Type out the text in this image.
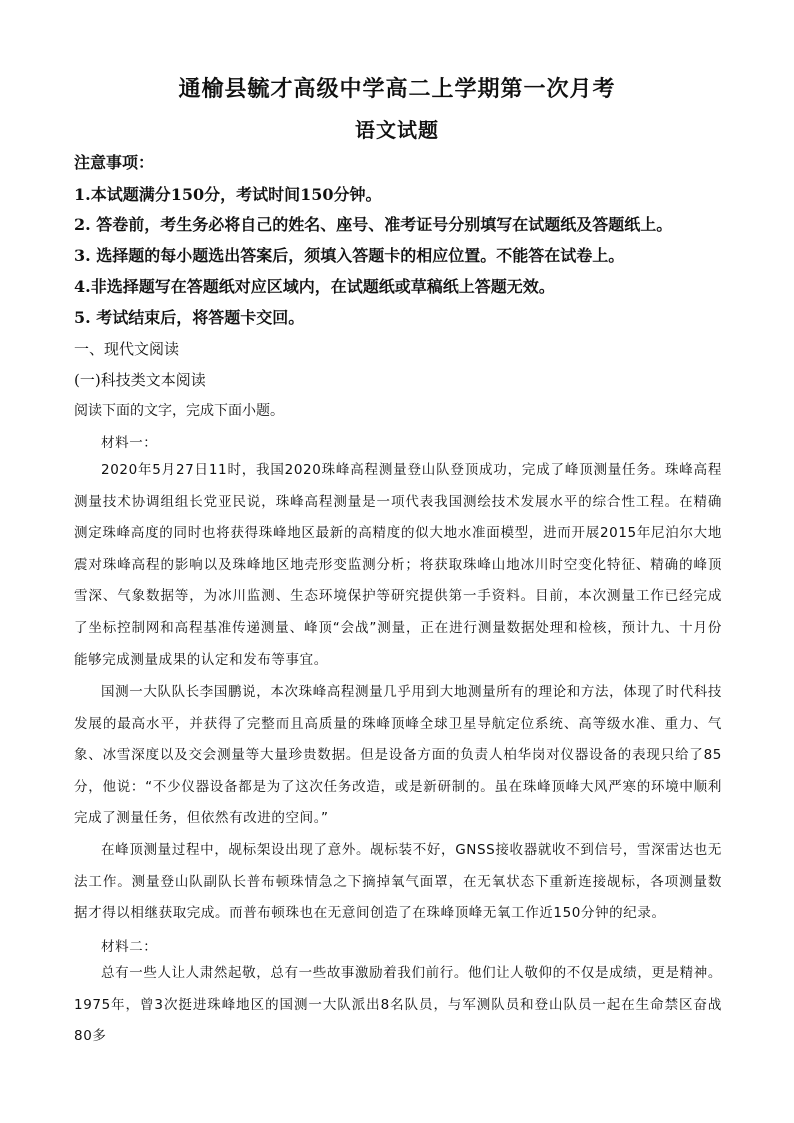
通榆县毓才高级中学高二上学期第一次月考
语文试题
注意事项：
1.本试题满分150分，考试时间150分钟。
2. 答卷前，考生务必将自己的姓名、座号、准考证号分别填写在试题纸及答题纸上。
3. 选择题的每小题选出答案后，须填入答题卡的相应位置。不能答在试卷上。
4.非选择题写在答题纸对应区域内，在试题纸或草稿纸上答题无效。
5. 考试结束后，将答题卡交回。
一、现代文阅读
(一)科技类文本阅读
阅读下面的文字，完成下面小题。
材料一：
2020年5月27日11时，我国2020珠峰高程测量登山队登顶成功，完成了峰顶测量任务。珠峰高程测量技术协调组组长党亚民说，珠峰高程测量是一项代表我国测绘技术发展水平的综合性工程。在精确测定珠峰高度的同时也将获得珠峰地区最新的高精度的似大地水准面模型，进而开展2015年尼泊尔大地震对珠峰高程的影响以及珠峰地区地壳形变监测分析；将获取珠峰山地冰川时空变化特征、精确的峰顶雪深、气象数据等，为冰川监测、生态环境保护等研究提供第一手资料。目前，本次测量工作已经完成了坐标控制网和高程基准传递测量、峰顶“会战”测量，正在进行测量数据处理和检核，预计九、十月份能够完成测量成果的认定和发布等事宜。
国测一大队队长李国鹏说，本次珠峰高程测量几乎用到大地测量所有的理论和方法，体现了时代科技发展的最高水平，并获得了完整而且高质量的珠峰顶峰全球卫星导航定位系统、高等级水准、重力、气象、冰雪深度以及交会测量等大量珍贵数据。但是设备方面的负责人柏华岗对仪器设备的表现只给了85分，他说：“不少仪器设备都是为了这次任务改造，或是新研制的。虽在珠峰顶峰大风严寒的环境中顺利完成了测量任务，但依然有改进的空间。”
在峰顶测量过程中，觇标架设出现了意外。觇标装不好，GNSS接收器就收不到信号，雪深雷达也无法工作。测量登山队副队长普布顿珠情急之下摘掉氧气面罩，在无氧状态下重新连接觇标，各项测量数据才得以相继获取完成。而普布顿珠也在无意间创造了在珠峰顶峰无氧工作近150分钟的纪录。
材料二：
总有一些人让人肃然起敬，总有一些故事激励着我们前行。他们让人敬仰的不仅是成绩，更是精神。1975年，曾3次挺进珠峰地区的国测一大队派出8名队员，与军测队员和登山队员一起在生命禁区奋战80多
